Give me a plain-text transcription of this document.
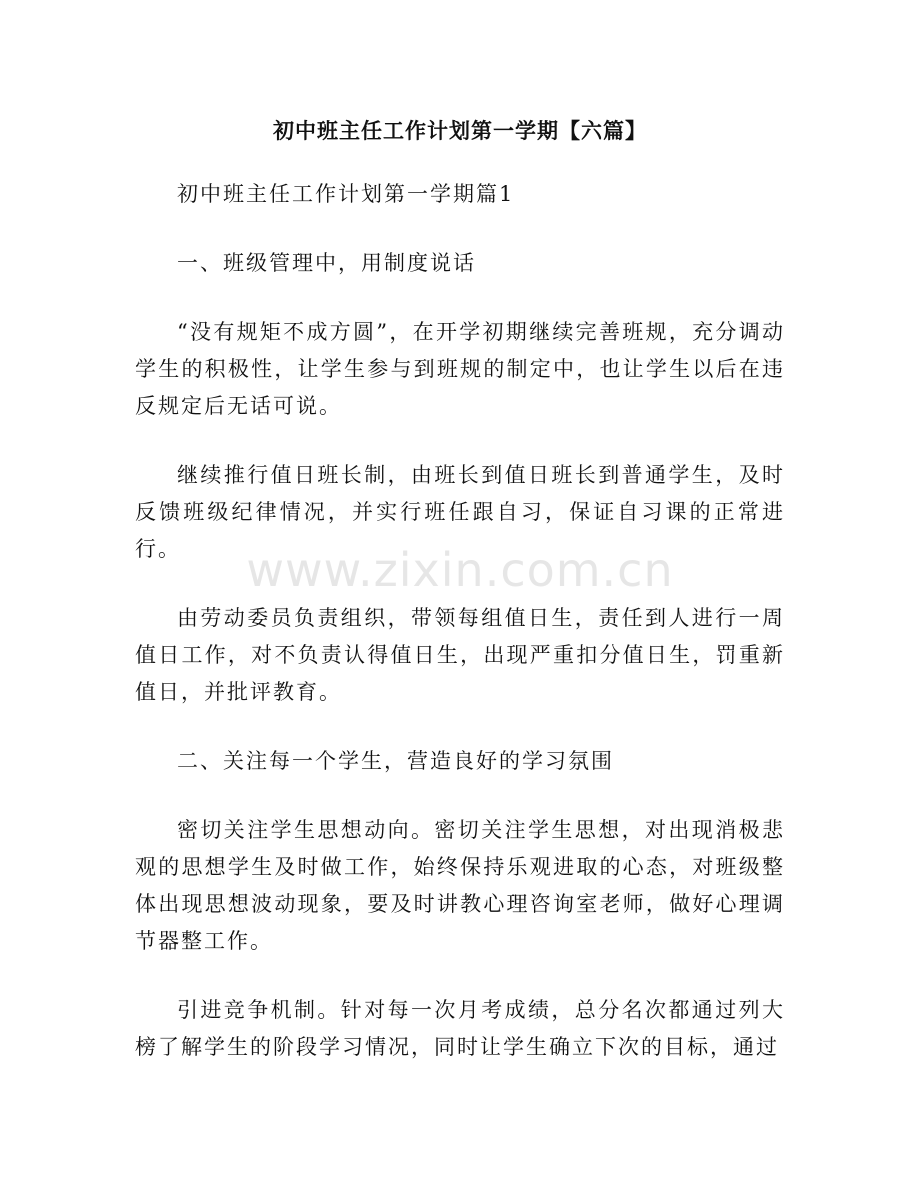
初中班主任工作计划第一学期【六篇】

初中班主任工作计划第一学期篇1

一、班级管理中，用制度说话

“没有规矩不成方圆”，在开学初期继续完善班规，充分调动学生的积极性，让学生参与到班规的制定中，也让学生以后在违反规定后无话可说。

继续推行值日班长制，由班长到值日班长到普通学生，及时反馈班级纪律情况，并实行班任跟自习，保证自习课的正常进行。

由劳动委员负责组织，带领每组值日生，责任到人进行一周值日工作，对不负责认得值日生，出现严重扣分值日生，罚重新值日，并批评教育。

二、关注每一个学生，营造良好的学习氛围

密切关注学生思想动向。密切关注学生思想，对出现消极悲观的思想学生及时做工作，始终保持乐观进取的心态，对班级整体出现思想波动现象，要及时讲教心理咨询室老师，做好心理调节器整工作。

引进竞争机制。针对每一次月考成绩，总分名次都通过列大榜了解学生的阶段学习情况，同时让学生确立下次的目标，通过

www.zixin.com.cn
